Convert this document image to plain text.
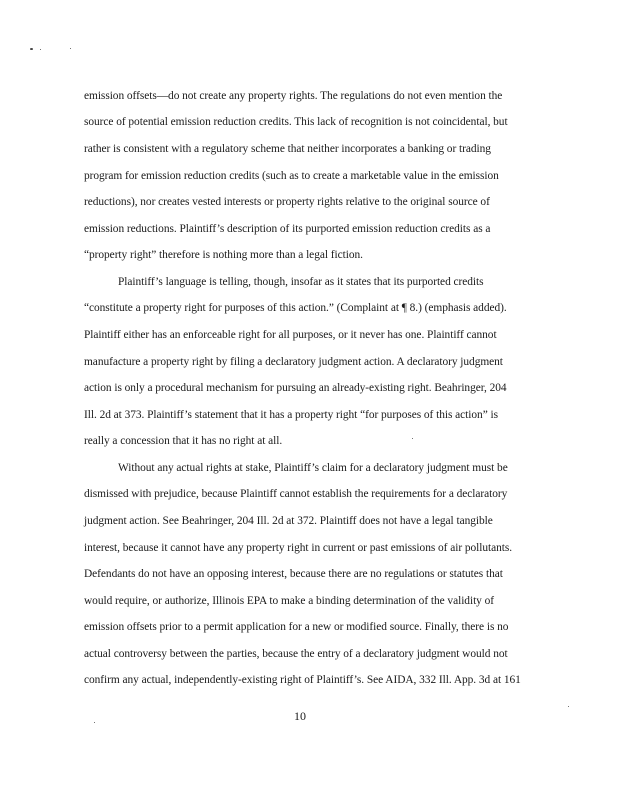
emission offsets—do not create any property rights. The regulations do not even mention the
source of potential emission reduction credits. This lack of recognition is not coincidental, but
rather is consistent with a regulatory scheme that neither incorporates a banking or trading
program for emission reduction credits (such as to create a marketable value in the emission
reductions), nor creates vested interests or property rights relative to the original source of
emission reductions. Plaintiff’s description of its purported emission reduction credits as a
“property right” therefore is nothing more than a legal fiction.
Plaintiff’s language is telling, though, insofar as it states that its purported credits
“constitute a property right for purposes of this action.” (Complaint at ¶ 8.) (emphasis added).
Plaintiff either has an enforceable right for all purposes, or it never has one. Plaintiff cannot
manufacture a property right by filing a declaratory judgment action. A declaratory judgment
action is only a procedural mechanism for pursuing an already-existing right. Beahringer, 204
Ill. 2d at 373. Plaintiff’s statement that it has a property right “for purposes of this action” is
really a concession that it has no right at all.
Without any actual rights at stake, Plaintiff’s claim for a declaratory judgment must be
dismissed with prejudice, because Plaintiff cannot establish the requirements for a declaratory
judgment action. See Beahringer, 204 Ill. 2d at 372. Plaintiff does not have a legal tangible
interest, because it cannot have any property right in current or past emissions of air pollutants.
Defendants do not have an opposing interest, because there are no regulations or statutes that
would require, or authorize, Illinois EPA to make a binding determination of the validity of
emission offsets prior to a permit application for a new or modified source. Finally, there is no
actual controversy between the parties, because the entry of a declaratory judgment would not
confirm any actual, independently-existing right of Plaintiff’s. See AIDA, 332 Ill. App. 3d at 161
10
